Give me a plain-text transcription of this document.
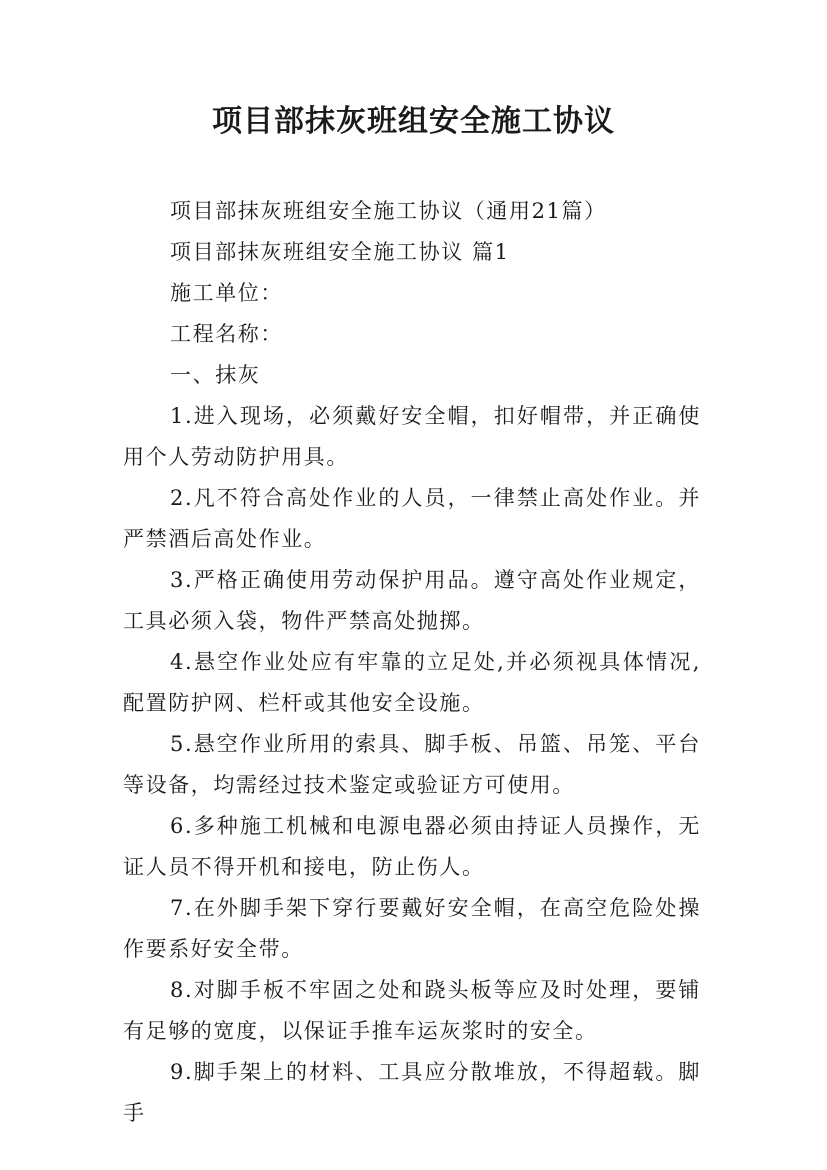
项目部抹灰班组安全施工协议

项目部抹灰班组安全施工协议（通用21篇）

项目部抹灰班组安全施工协议 篇1

施工单位：

工程名称：

一、抹灰

1.进入现场，必须戴好安全帽，扣好帽带，并正确使用个人劳动防护用具。

2.凡不符合高处作业的人员，一律禁止高处作业。并严禁酒后高处作业。

3.严格正确使用劳动保护用品。遵守高处作业规定，工具必须入袋，物件严禁高处抛掷。

4.悬空作业处应有牢靠的立足处,并必须视具体情况,配置防护网、栏杆或其他安全设施。

5.悬空作业所用的索具、脚手板、吊篮、吊笼、平台等设备，均需经过技术鉴定或验证方可使用。

6.多种施工机械和电源电器必须由持证人员操作，无证人员不得开机和接电，防止伤人。

7.在外脚手架下穿行要戴好安全帽，在高空危险处操作要系好安全带。

8.对脚手板不牢固之处和跷头板等应及时处理，要铺有足够的宽度，以保证手推车运灰浆时的安全。

9.脚手架上的材料、工具应分散堆放，不得超载。脚手
